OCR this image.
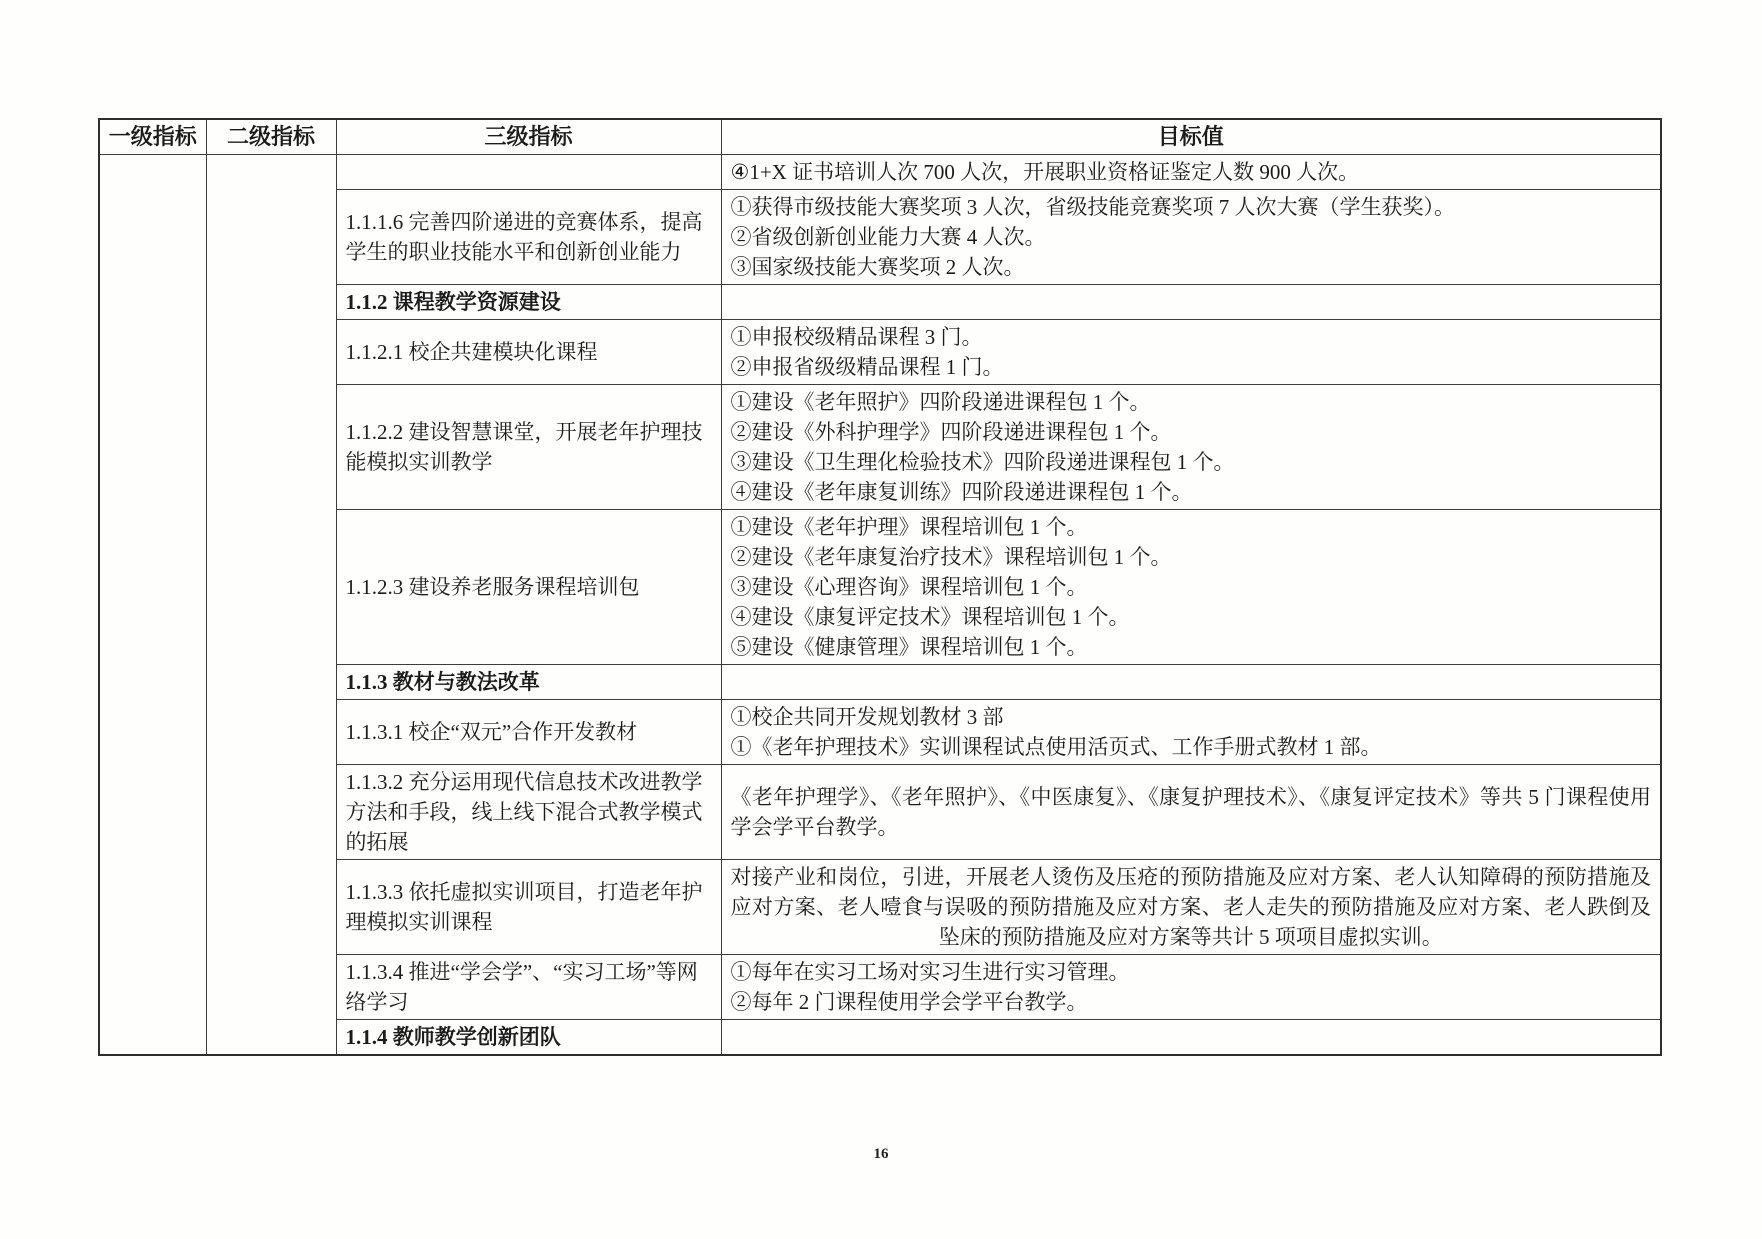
一级指标	二级指标	三级指标	目标值

			④1+X 证书培训人次 700 人次，开展职业资格证鉴定人数 900 人次。

		1.1.1.6 完善四阶递进的竞赛体系，提高学生的职业技能水平和创新创业能力	①获得市级技能大赛奖项 3 人次，省级技能竞赛奖项 7 人次大赛（学生获奖）。
②省级创新创业能力大赛 4 人次。
③国家级技能大赛奖项 2 人次。

		1.1.2 课程教学资源建设	

		1.1.2.1 校企共建模块化课程	①申报校级精品课程 3 门。
②申报省级级精品课程 1 门。

		1.1.2.2 建设智慧课堂，开展老年护理技能模拟实训教学	①建设《老年照护》四阶段递进课程包 1 个。
②建设《外科护理学》四阶段递进课程包 1 个。
③建设《卫生理化检验技术》四阶段递进课程包 1 个。
④建设《老年康复训练》四阶段递进课程包 1 个。

		1.1.2.3 建设养老服务课程培训包	①建设《老年护理》课程培训包 1 个。
②建设《老年康复治疗技术》课程培训包 1 个。
③建设《心理咨询》课程培训包 1 个。
④建设《康复评定技术》课程培训包 1 个。
⑤建设《健康管理》课程培训包 1 个。

		1.1.3 教材与教法改革	

		1.1.3.1 校企“双元”合作开发教材	①校企共同开发规划教材 3 部
①《老年护理技术》实训课程试点使用活页式、工作手册式教材 1 部。

		1.1.3.2 充分运用现代信息技术改进教学方法和手段，线上线下混合式教学模式的拓展	《老年护理学》、《老年照护》、《中医康复》、《康复护理技术》、《康复评定技术》等共 5 门课程使用学会学平台教学。

		1.1.3.3 依托虚拟实训项目，打造老年护理模拟实训课程	对接产业和岗位，引进，开展老人烫伤及压疮的预防措施及应对方案、老人认知障碍的预防措施及应对方案、老人噎食与误吸的预防措施及应对方案、老人走失的预防措施及应对方案、老人跌倒及坠床的预防措施及应对方案等共计 5 项项目虚拟实训。

		1.1.3.4 推进“学会学”、“实习工场”等网络学习	①每年在实习工场对实习生进行实习管理。
②每年 2 门课程使用学会学平台教学。

		1.1.4 教师教学创新团队	

16
